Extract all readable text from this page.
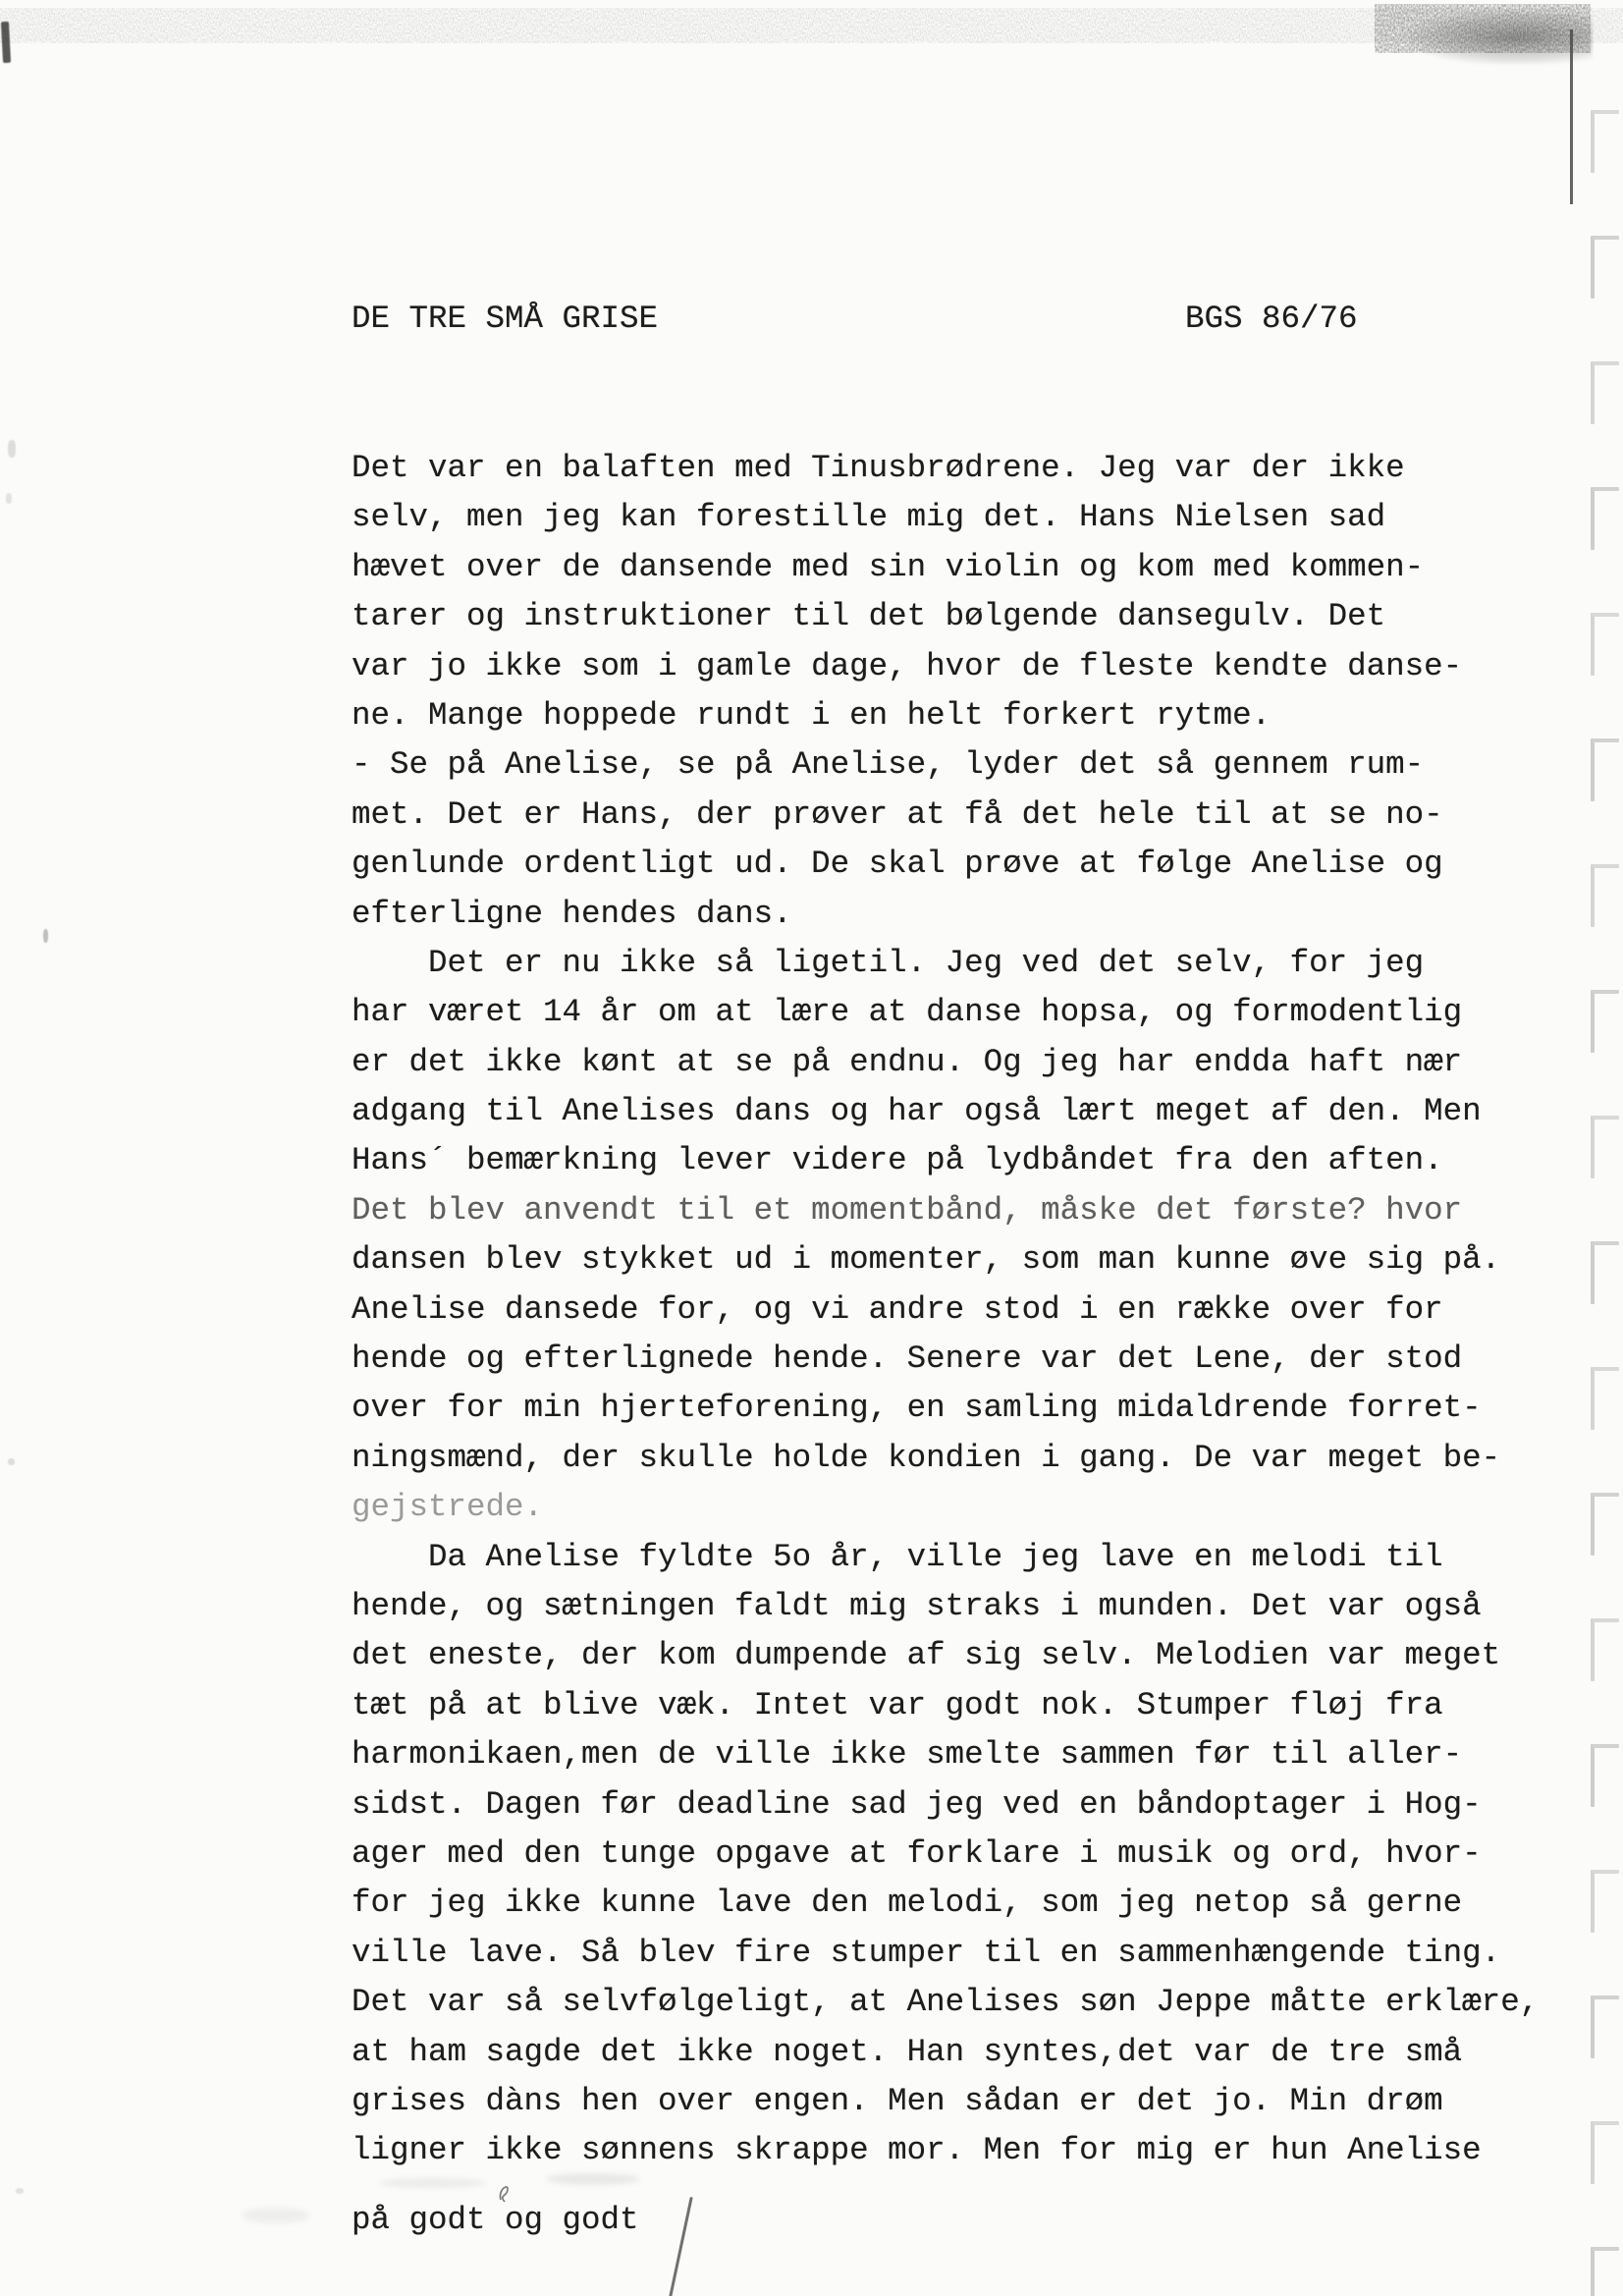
DE TRE SMÅ GRISE	BGS 86/76
Det var en balaften med Tinusbrødrene. Jeg var der ikke
selv, men jeg kan forestille mig det. Hans Nielsen sad
hævet over de dansende med sin violin og kom med kommen-
tarer og instruktioner til det bølgende dansegulv. Det
var jo ikke som i gamle dage, hvor de fleste kendte danse-
ne. Mange hoppede rundt i en helt forkert rytme.
- Se på Anelise, se på Anelise, lyder det så gennem rum-
met. Det er Hans, der prøver at få det hele til at se no-
genlunde ordentligt ud. De skal prøve at følge Anelise og
efterligne hendes dans.
Det er nu ikke så ligetil. Jeg ved det selv, for jeg
har været 14 år om at lære at danse hopsa, og formodentlig
er det ikke kønt at se på endnu. Og jeg har endda haft nær
adgang til Anelises dans og har også lært meget af den. Men
Hans´ bemærkning lever videre på lydbåndet fra den aften.
Det blev anvendt til et momentbånd, måske det første? hvor
dansen blev stykket ud i momenter, som man kunne øve sig på.
Anelise dansede for, og vi andre stod i en række over for
hende og efterlignede hende. Senere var det Lene, der stod
over for min hjerteforening, en samling midaldrende forret-
ningsmænd, der skulle holde kondien i gang. De var meget be-
gejstrede.
Da Anelise fyldte 5o år, ville jeg lave en melodi til
hende, og sætningen faldt mig straks i munden. Det var også
det eneste, der kom dumpende af sig selv. Melodien var meget
tæt på at blive væk. Intet var godt nok. Stumper fløj fra
harmonikaen,men de ville ikke smelte sammen før til aller-
sidst. Dagen før deadline sad jeg ved en båndoptager i Hog-
ager med den tunge opgave at forklare i musik og ord, hvor-
for jeg ikke kunne lave den melodi, som jeg netop så gerne
ville lave. Så blev fire stumper til en sammenhængende ting.
Det var så selvfølgeligt, at Anelises søn Jeppe måtte erklære,
at ham sagde det ikke noget. Han syntes,det var de tre små
grises dàns hen over engen. Men sådan er det jo. Min drøm
ligner ikke sønnens skrappe mor. Men for mig er hun Anelise
på godt og godt
